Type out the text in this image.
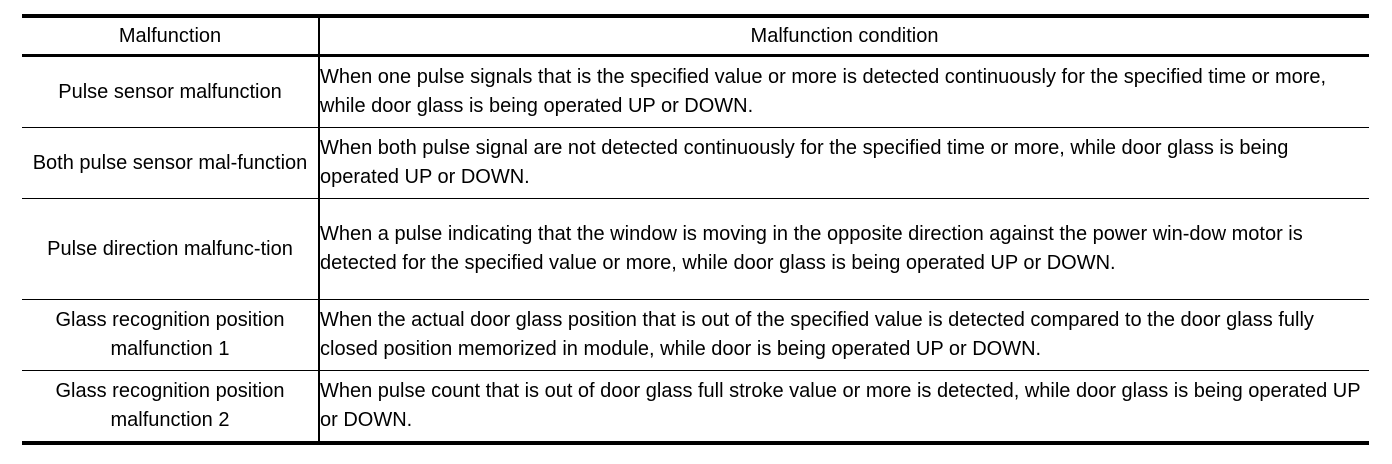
Malfunction	Malfunction condition
Pulse sensor malfunction	When one pulse signals that is the specified value or more is detected continuously for the specified time or more, while door glass is being operated UP or DOWN.
Both pulse sensor mal-function	When both pulse signal are not detected continuously for the specified time or more, while door glass is being operated UP or DOWN.
Pulse direction malfunc-tion	When a pulse indicating that the window is moving in the opposite direction against the power win-dow motor is detected for the specified value or more, while door glass is being operated UP or DOWN.
Glass recognition position malfunction 1	When the actual door glass position that is out of the specified value is detected compared to the door glass fully closed position memorized in module, while door is being operated UP or DOWN.
Glass recognition position malfunction 2	When pulse count that is out of door glass full stroke value or more is detected, while door glass is being operated UP or DOWN.
